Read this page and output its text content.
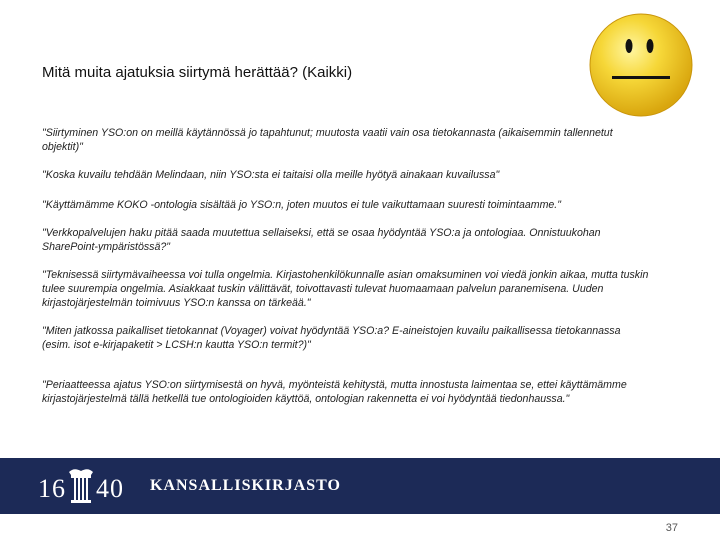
Mitä muita ajatuksia siirtymä herättää? (Kaikki)

"Siirtyminen YSO:on on meillä käytännössä jo tapahtunut; muutosta vaatii vain osa tietokannasta (aikaisemmin tallennetut objektit)"

"Koska kuvailu tehdään Melindaan, niin YSO:sta ei taitaisi olla meille hyötyä ainakaan kuvailussa"

"Käyttämämme KOKO -ontologia sisältää jo YSO:n, joten muutos ei tule vaikuttamaan suuresti toimintaamme."

"Verkkopalvelujen haku pitää saada muutettua sellaiseksi, että se osaa hyödyntää YSO:a ja ontologiaa. Onnistuukohan SharePoint-ympäristössä?"

"Teknisessä siirtymävaiheessa voi tulla ongelmia. Kirjastohenkilökunnalle asian omaksuminen voi viedä jonkin aikaa, mutta tuskin tulee suurempia ongelmia. Asiakkaat tuskin välittävät, toivottavasti tulevat huomaamaan palvelun paranemisena. Uuden kirjastojärjestelmän toimivuus YSO:n kanssa on tärkeää."

"Miten jatkossa paikalliset tietokannat (Voyager) voivat hyödyntää YSO:a? E-aineistojen kuvailu paikallisessa tietokannassa (esim. isot e-kirjapaketit > LCSH:n kautta YSO:n termit?)"

"Periaatteessa ajatus YSO:on siirtymisestä on hyvä, myönteistä kehitystä, mutta innostusta laimentaa se, ettei käyttämämme kirjastojärjestelmä tällä hetkellä tue ontologioiden käyttöä, ontologian rakennetta ei voi hyödyntää tiedonhaussa."

16 40 KANSALLISKIRJASTO
37
